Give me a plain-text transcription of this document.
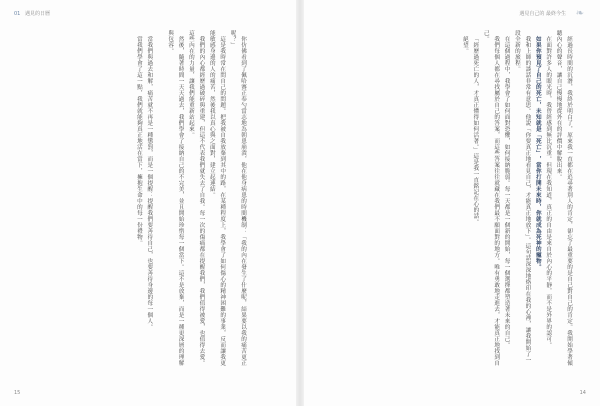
01 遇見的日曆

你仿佛看到了佩哈賽正奉勺當志地為朝患崩潰，他在他身病患的時間機制：「我的內在發生了什麼呢，結果要以我的痛苦更正呢？」

這是我時常在問自己的問題。把我被自我放棄到其中的路，在某種程度上，我學會了如何傷心的精神困難的事業，反而讓我更能敏感身邊的人的痛苦，然後我以真心與之面對，建立起連結。

我們的內心都經歷過破碎與重建，但這不代表我們就失去了自我。每一次的傷痛都在提醒我們，我們值得被愛，也值得去愛。這些內在的力量，讓我們能重新站起來。

然後，隨著時間一天天過去，我們學會了接納自己的不完美，並且開始珍惜每一個當下。這不是放棄，而是一種更深層的理解與包容。

當我們與過去和解，痛苦就不再是一種懲罰，而是一個提醒：提醒我們要善待自己，也要善待身邊的每一個人。

當我們學會了這一點，我們就能夠真正地活在當下，擁抱生命中的每一份禮物。

15
遇見自己的 最終今生 ❧

經過長時間的沉潛，我終於明白了，原來我一直都在追尋著別人的肯定，卻忘了最重要的是自己對自己的肯定。我開始學著傾聽內心的聲音，讓自己慢慢地從外在的評價中解脫出來。

在面對許多人的眼光時，我曾經感到無比沉重。但現在我知道，真正的自由是來自於內心的平靜，而不是外界的認可。

如果你預見了自己的死亡，未知就是「死亡」，當你打開未來時，你就成為死神的寵物。

我和上師的談話非常有意思。他說「你要真正地看見自己，才能真正地放下」。這句話深深地烙印在我的心裡，讓我開始了一段全新的旅程。

在這個過程中，我學會了如何面對恐懼，如何接納脆弱。每一天都是一個新的開始，每一個選擇都塑造著未來的自己。

我們每個人都在尋找屬於自己的答案，而這些答案往往就藏在我們最不願面對的地方。唯有勇敢地走進去，才能真正地找到自己。

「經歷過死亡的人，才真正懂得如何活著。」這是我一直銘記在心的話。

絕望。

14
